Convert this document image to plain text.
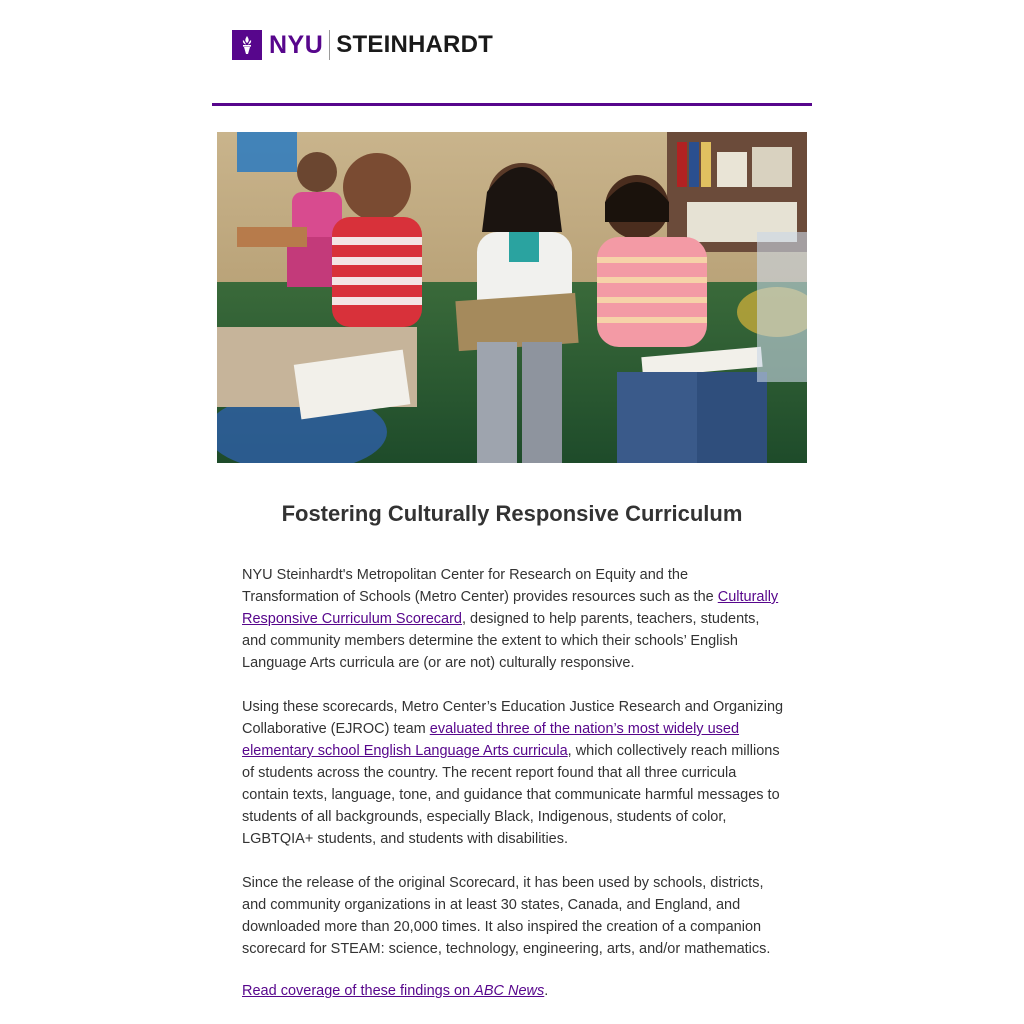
NYU STEINHARDT
Fostering Culturally Responsive Curriculum

NYU Steinhardt's Metropolitan Center for Research on Equity and the Transformation of Schools (Metro Center) provides resources such as the Culturally Responsive Curriculum Scorecard, designed to help parents, teachers, students, and community members determine the extent to which their schools’ English Language Arts curricula are (or are not) culturally responsive.

Using these scorecards, Metro Center’s Education Justice Research and Organizing Collaborative (EJROC) team evaluated three of the nation’s most widely used elementary school English Language Arts curricula, which collectively reach millions of students across the country. The recent report found that all three curricula contain texts, language, tone, and guidance that communicate harmful messages to students of all backgrounds, especially Black, Indigenous, students of color, LGBTQIA+ students, and students with disabilities.

Since the release of the original Scorecard, it has been used by schools, districts, and community organizations in at least 30 states, Canada, and England, and downloaded more than 20,000 times. It also inspired the creation of a companion scorecard for STEAM: science, technology, engineering, arts, and/or mathematics.

Read coverage of these findings on ABC News.
